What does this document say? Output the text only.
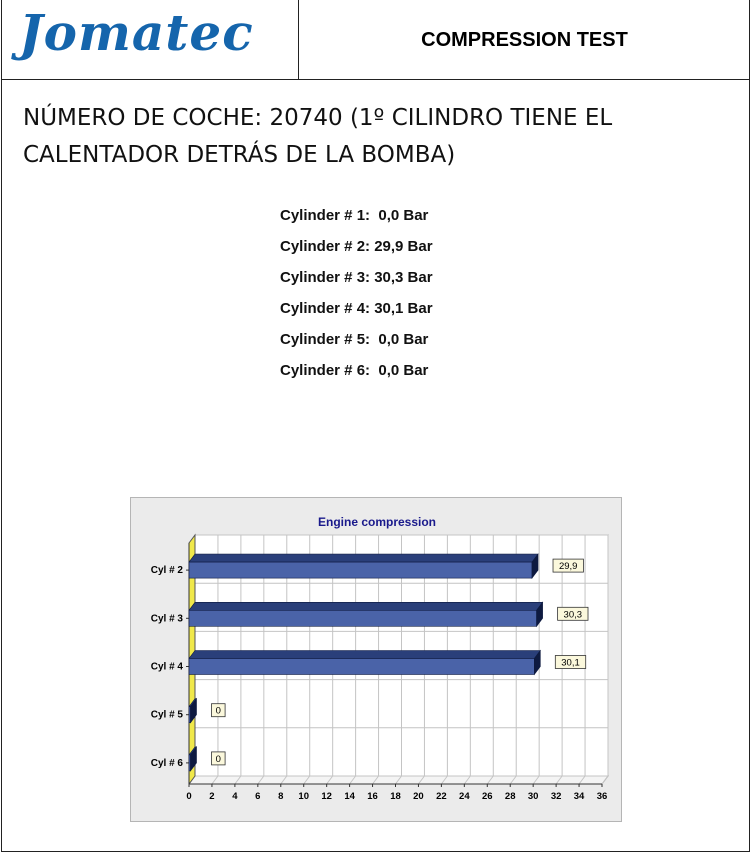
Jomatec	COMPRESSION TEST
NÚMERO DE COCHE: 20740 (1º CILINDRO TIENE EL CALENTADOR DETRÁS DE LA BOMBA)
Cylinder # 1:  0,0 Bar
Cylinder # 2: 29,9 Bar
Cylinder # 3: 30,3 Bar
Cylinder # 4: 30,1 Bar
Cylinder # 5:  0,0 Bar
Cylinder # 6:  0,0 Bar
Engine compression
0 2 4 6 8 10 12 14 16 18 20 22 24 26 28 30 32 34 36
Cyl # 2	29,9
Cyl # 3	30,3
Cyl # 4	30,1
Cyl # 5	0
Cyl # 6	0
